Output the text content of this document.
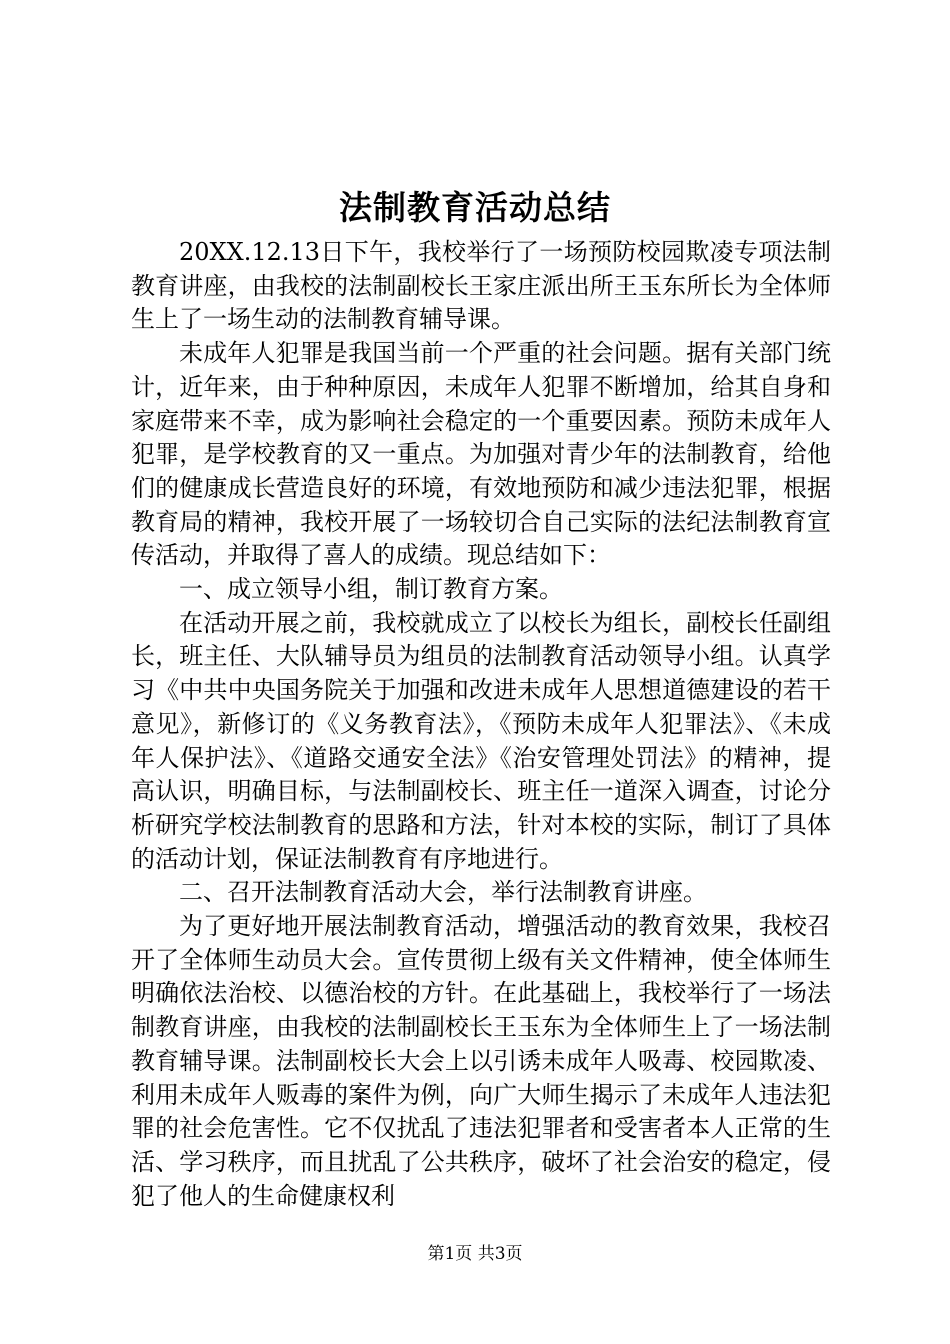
法制教育活动总结

20XX.12.13日下午，我校举行了一场预防校园欺凌专项法制教育讲座，由我校的法制副校长王家庄派出所王玉东所长为全体师生上了一场生动的法制教育辅导课。

未成年人犯罪是我国当前一个严重的社会问题。据有关部门统计，近年来，由于种种原因，未成年人犯罪不断增加，给其自身和家庭带来不幸，成为影响社会稳定的一个重要因素。预防未成年人犯罪，是学校教育的又一重点。为加强对青少年的法制教育，给他们的健康成长营造良好的环境，有效地预防和减少违法犯罪，根据教育局的精神，我校开展了一场较切合自己实际的法纪法制教育宣传活动，并取得了喜人的成绩。现总结如下：

一、成立领导小组，制订教育方案。

在活动开展之前，我校就成立了以校长为组长，副校长任副组长，班主任、大队辅导员为组员的法制教育活动领导小组。认真学习《中共中央国务院关于加强和改进未成年人思想道德建设的若干意见》，新修订的《义务教育法》，《预防未成年人犯罪法》、《未成年人保护法》、《道路交通安全法》《治安管理处罚法》的精神，提高认识，明确目标，与法制副校长、班主任一道深入调查，讨论分析研究学校法制教育的思路和方法，针对本校的实际，制订了具体的活动计划，保证法制教育有序地进行。

二、召开法制教育活动大会，举行法制教育讲座。

为了更好地开展法制教育活动，增强活动的教育效果，我校召开了全体师生动员大会。宣传贯彻上级有关文件精神，使全体师生明确依法治校、以德治校的方针。在此基础上，我校举行了一场法制教育讲座，由我校的法制副校长王玉东为全体师生上了一场法制教育辅导课。法制副校长大会上以引诱未成年人吸毒、校园欺凌、利用未成年人贩毒的案件为例，向广大师生揭示了未成年人违法犯罪的社会危害性。它不仅扰乱了违法犯罪者和受害者本人正常的生活、学习秩序，而且扰乱了公共秩序，破坏了社会治安的稳定，侵犯了他人的生命健康权利

第1页 共3页
